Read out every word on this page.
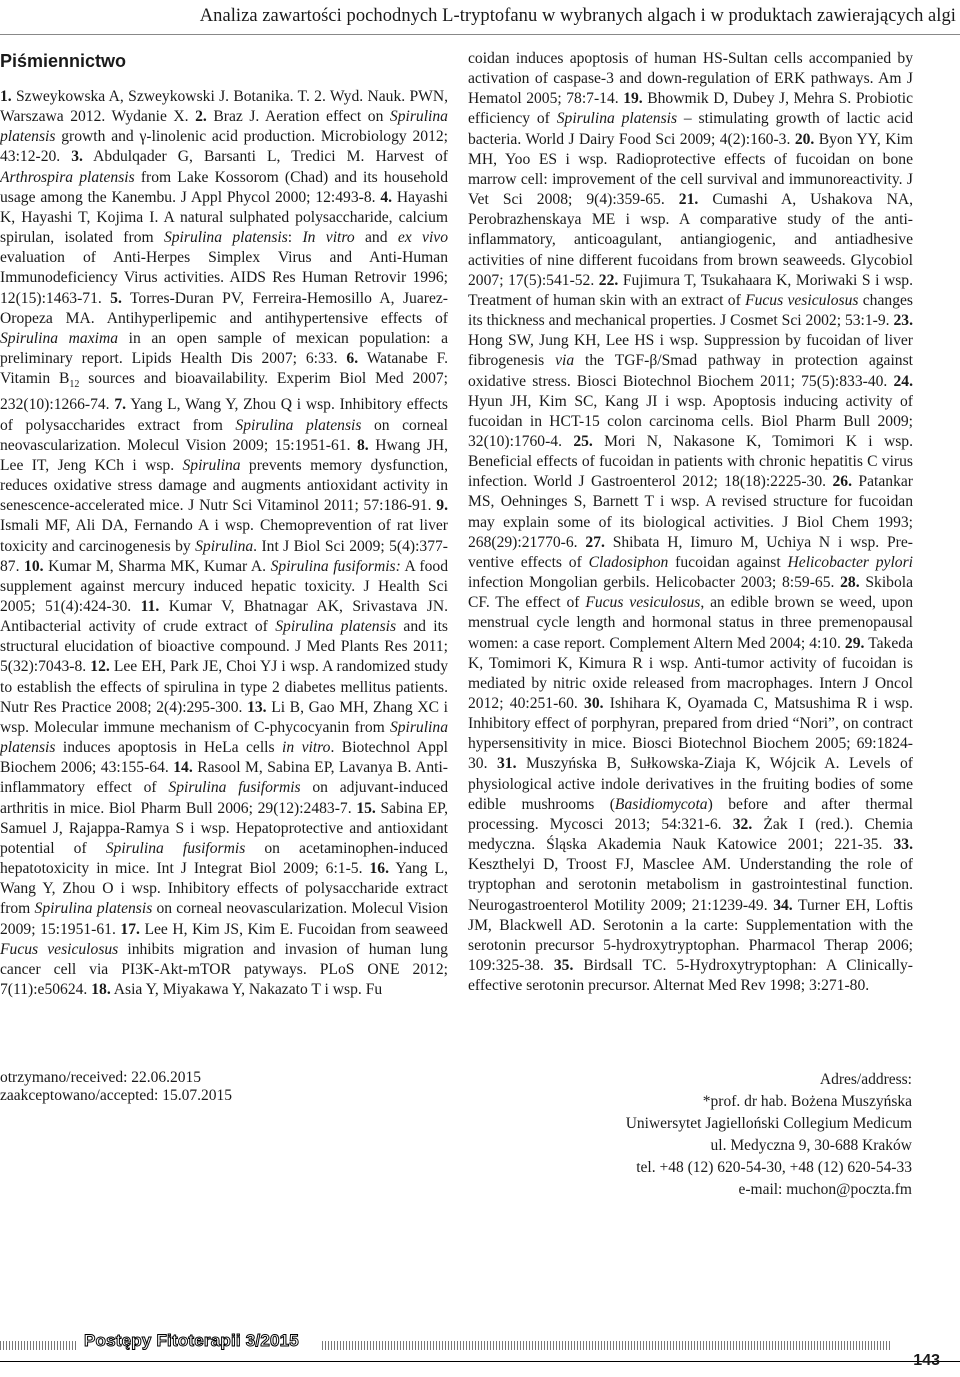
Analiza zawartości pochodnych L-tryptofanu w wybranych algach i w produktach zawierających algi
Piśmiennictwo

1. Szweykowska A, Szweykowski J. Botanika. T. 2. Wyd. Nauk. PWN, Warszawa 2012. Wydanie X. 2. Braz J. Aeration effect on Spirulina platensis growth and γ-linolenic acid production. Microbiology 2012; 43:12-20. 3. Abdulqader G, Barsanti L, Tredici M. Harvest of Arthrospira platensis from Lake Kossorom (Chad) and its household usage among the Kanembu. J Appl Phycol 2000; 12:493-8. 4. Hayashi K, Hayashi T, Kojima I. A natural sulphated polysaccharide, calcium spirulan, isolated from Spirulina platensis: In vitro and ex vivo evaluation of Anti-Herpes Simplex Virus and Anti-Human Immunodeficiency Virus activities. AIDS Res Human Retrovir 1996; 12(15):1463-71. 5. Torres-Duran PV, Ferreira-Hemosillo A, Juarez-Oropeza MA. Antihyperlipemic and antihypertensive effects of Spirulina maxima in an open sample of mexican population: a preliminary report. Lipids Health Dis 2007; 6:33. 6. Watanabe F. Vitamin $B_{12}$ sources and bioavailability. Experim Biol Med 2007; 232(10):1266-74. 7. Yang L, Wang Y, Zhou Q i wsp. Inhibitory effects of polysaccharides extract from Spirulina platensis on corneal neovascularization. Molecul Vision 2009; 15:1951-61. 8. Hwang JH, Lee IT, Jeng KCh i wsp. Spirulina prevents memory dysfunction, reduces oxidative stress damage and augments antioxidant activity in senescence-accelerated mice. J Nutr Sci Vitaminol 2011; 57:186-91. 9. Ismali MF, Ali DA, Fernando A i wsp. Chemoprevention of rat liver toxicity and carcinogenesis by Spirulina. Int J Biol Sci 2009; 5(4):377-87. 10. Kumar M, Sharma MK, Kumar A. Spirulina fusiformis: A food supplement against mercury induced hepatic toxicity. J Health Sci 2005; 51(4):424-30. 11. Kumar V, Bhatnagar AK, Srivastava JN. Antibacterial activity of crude extract of Spirulina platensis and its structural elucidation of bioactive compound. J Med Plants Res 2011; 5(32):7043-8. 12. Lee EH, Park JE, Choi YJ i wsp. A randomized study to establish the effects of spirulina in type 2 diabetes mellitus patients. Nutr Res Practice 2008; 2(4):295-300. 13. Li B, Gao MH, Zhang XC i wsp. Molecular immune mechanism of C-phycocyanin from Spirulina platensis induces apoptosis in HeLa cells in vitro. Biotechnol Appl Biochem 2006; 43:155-64. 14. Rasool M, Sabina EP, Lavanya B. Anti-inflammatory effect of Spirulina fusiformis on adjuvant-induced arthritis in mice. Biol Pharm Bull 2006; 29(12):2483-7. 15. Sabina EP, Samuel J, Rajappa-Ramya S i wsp. Hepatoprotective and antioxidant potential of Spirulina fusiformis on acetaminophen-induced hepatotoxicity in mice. Int J Integrat Biol 2009; 6:1-5. 16. Yang L, Wang Y, Zhou O i wsp. Inhibitory effects of polysaccharide extract from Spirulina platensis on corneal neovascularization. Molecul Vision 2009; 15:1951-61. 17. Lee H, Kim JS, Kim E. Fucoidan from seaweed Fucus vesiculosus inhibits migration and invasion of human lung cancer cell via PI3K-Akt-mTOR patyways. PLoS ONE 2012; 7(11):e50624. 18. Asia Y, Miyakawa Y, Nakazato T i wsp. Fu

coidan induces apoptosis of human HS-Sultan cells accompanied by activation of caspase-3 and down-regulation of ERK pathways. Am J Hematol 2005; 78:7-14. 19. Bhowmik D, Dubey J, Mehra S. Probiotic efficiency of Spirulina platensis – stimulating growth of lactic acid bacteria. World J Dairy Food Sci 2009; 4(2):160-3. 20. Byon YY, Kim MH, Yoo ES i wsp. Radioprotective effects of fucoidan on bone marrow cell: improvement of the cell survival and immunoreactivity. J Vet Sci 2008; 9(4):359-65. 21. Cumashi A, Ushakova NA, Perobrazhenskaya ME i wsp. A comparative study of the anti-inflammatory, anticoagulant, antiangiogenic, and antiadhesive activities of nine different fucoidans from brown seaweeds. Glycobiol 2007; 17(5):541-52. 22. Fujimura T, Tsukahaara K, Moriwaki S i wsp. Treatment of human skin with an extract of Fucus vesiculosus changes its thickness and mechanical properties. J Cosmet Sci 2002; 53:1-9. 23. Hong SW, Jung KH, Lee HS i wsp. Suppression by fucoidan of liver fibrogenesis via the TGF-β/Smad pathway in protection against oxidative stress. Biosci Biotechnol Biochem 2011; 75(5):833-40. 24. Hyun JH, Kim SC, Kang JI i wsp. Apoptosis inducing activity of fucoidan in HCT-15 colon carcinoma cells. Biol Pharm Bull 2009; 32(10):1760-4. 25. Mori N, Nakasone K, Tomimori K i wsp. Beneficial effects of fucoidan in patients with chronic hepatitis C virus infection. World J Gastroenterol 2012; 18(18):2225-30. 26. Patankar MS, Oehninges S, Barnett T i wsp. A revised structure for fucoidan may explain some of its biological activities. J Biol Chem 1993; 268(29):21770-6. 27. Shibata H, Iimuro M, Uchiya N i wsp. Preventive effects of Cladosiphon fucoidan against Helicobacter pylori infection Mongolian gerbils. Helicobacter 2003; 8:59-65. 28. Skibola CF. The effect of Fucus vesiculosus, an edible brown se weed, upon menstrual cycle length and hormonal status in three premenopausal women: a case report. Complement Altern Med 2004; 4:10. 29. Takeda K, Tomimori K, Kimura R i wsp. Anti-tumor activity of fucoidan is mediated by nitric oxide released from macrophages. Intern J Oncol 2012; 40:251-60. 30. Ishihara K, Oyamada C, Matsushima R i wsp. Inhibitory effect of porphyran, prepared from dried “Nori”, on contract hypersensitivity in mice. Biosci Biotechnol Biochem 2005; 69:1824-30. 31. Muszyńska B, Sułkowska-Ziaja K, Wójcik A. Levels of physiological active indole derivatives in the fruiting bodies of some edible mushrooms (Basidiomycota) before and after thermal processing. Mycosci 2013; 54:321-6. 32. Żak I (red.). Chemia medyczna. Śląska Akademia Nauk Katowice 2001; 221-35. 33. Keszthelyi D, Troost FJ, Masclee AM. Understanding the role of tryptophan and serotonin metabolism in gastrointestinal function. Neurogastroenterol Motility 2009; 21:1239-49. 34. Turner EH, Loftis JM, Blackwell AD. Serotonin a la carte: Supplementation with the serotonin precursor 5-hydroxytryptophan. Pharmacol Therap 2006; 109:325-38. 35. Birdsall TC. 5-Hydroxytryptophan: A Clinically-effective serotonin precursor. Alternat Med Rev 1998; 3:271-80.

otrzymano/received: 22.06.2015
zaakceptowano/accepted: 15.07.2015
Adres/address:
*prof. dr hab. Bożena Muszyńska
Uniwersytet Jagielloński Collegium Medicum
ul. Medyczna 9, 30-688 Kraków
tel. +48 (12) 620-54-30, +48 (12) 620-54-33
e-mail: muchon@poczta.fm
Postępy Fitoterapii 3/2015
143
